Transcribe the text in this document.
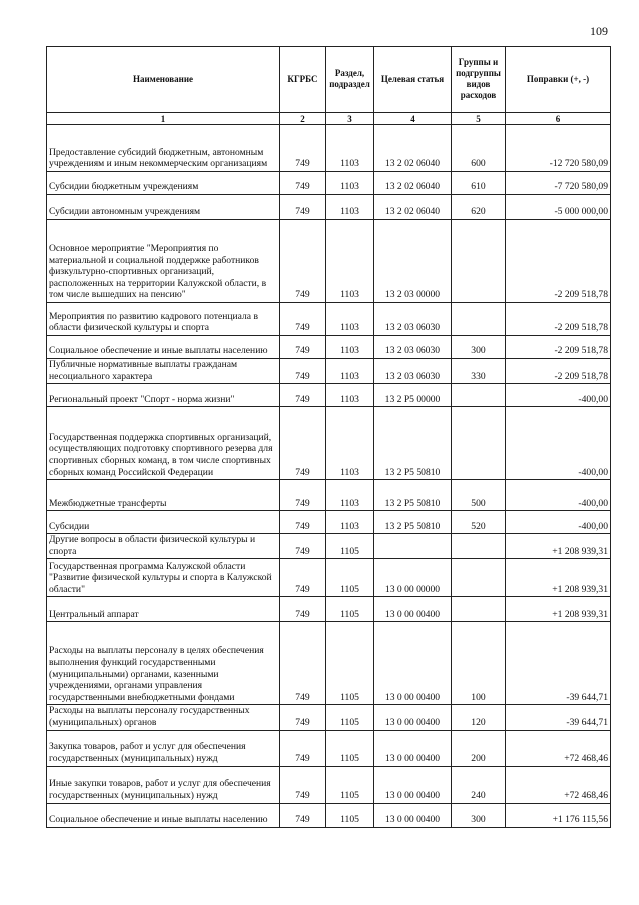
109
Наименование	КГРБС	Раздел, подраздел	Целевая статья	Группы и подгруппы видов расходов	Поправки (+, -)
1	2	3	4	5	6
Предоставление субсидий бюджетным, автономным учреждениям и иным некоммерческим организациям	749	1103	13 2 02 06040	600	-12 720 580,09
Субсидии бюджетным учреждениям	749	1103	13 2 02 06040	610	-7 720 580,09
Субсидии автономным учреждениям	749	1103	13 2 02 06040	620	-5 000 000,00
Основное мероприятие "Мероприятия по материальной и социальной поддержке работников физкультурно-спортивных организаций, расположенных на территории Калужской области, в том числе вышедших на пенсию"	749	1103	13 2 03 00000		-2 209 518,78
Мероприятия по развитию кадрового потенциала в области физической культуры и спорта	749	1103	13 2 03 06030		-2 209 518,78
Социальное обеспечение и иные выплаты населению	749	1103	13 2 03 06030	300	-2 209 518,78
Публичные нормативные выплаты гражданам несоциального характера	749	1103	13 2 03 06030	330	-2 209 518,78
Региональный проект "Спорт - норма жизни"	749	1103	13 2 P5 00000		-400,00
Государственная поддержка спортивных организаций, осуществляющих подготовку спортивного резерва для спортивных сборных команд, в том числе спортивных сборных команд Российской Федерации	749	1103	13 2 P5 50810		-400,00
Межбюджетные трансферты	749	1103	13 2 P5 50810	500	-400,00
Субсидии	749	1103	13 2 P5 50810	520	-400,00
Другие вопросы в области физической культуры и спорта	749	1105			+1 208 939,31
Государственная программа Калужской области "Развитие физической культуры и спорта в Калужской области"	749	1105	13 0 00 00000		+1 208 939,31
Центральный аппарат	749	1105	13 0 00 00400		+1 208 939,31
Расходы на выплаты персоналу в целях обеспечения выполнения функций государственными (муниципальными) органами, казенными учреждениями, органами управления государственными внебюджетными фондами	749	1105	13 0 00 00400	100	-39 644,71
Расходы на выплаты персоналу государственных (муниципальных) органов	749	1105	13 0 00 00400	120	-39 644,71
Закупка товаров, работ и услуг для обеспечения государственных (муниципальных) нужд	749	1105	13 0 00 00400	200	+72 468,46
Иные закупки товаров, работ и услуг для обеспечения государственных (муниципальных) нужд	749	1105	13 0 00 00400	240	+72 468,46
Социальное обеспечение и иные выплаты населению	749	1105	13 0 00 00400	300	+1 176 115,56
